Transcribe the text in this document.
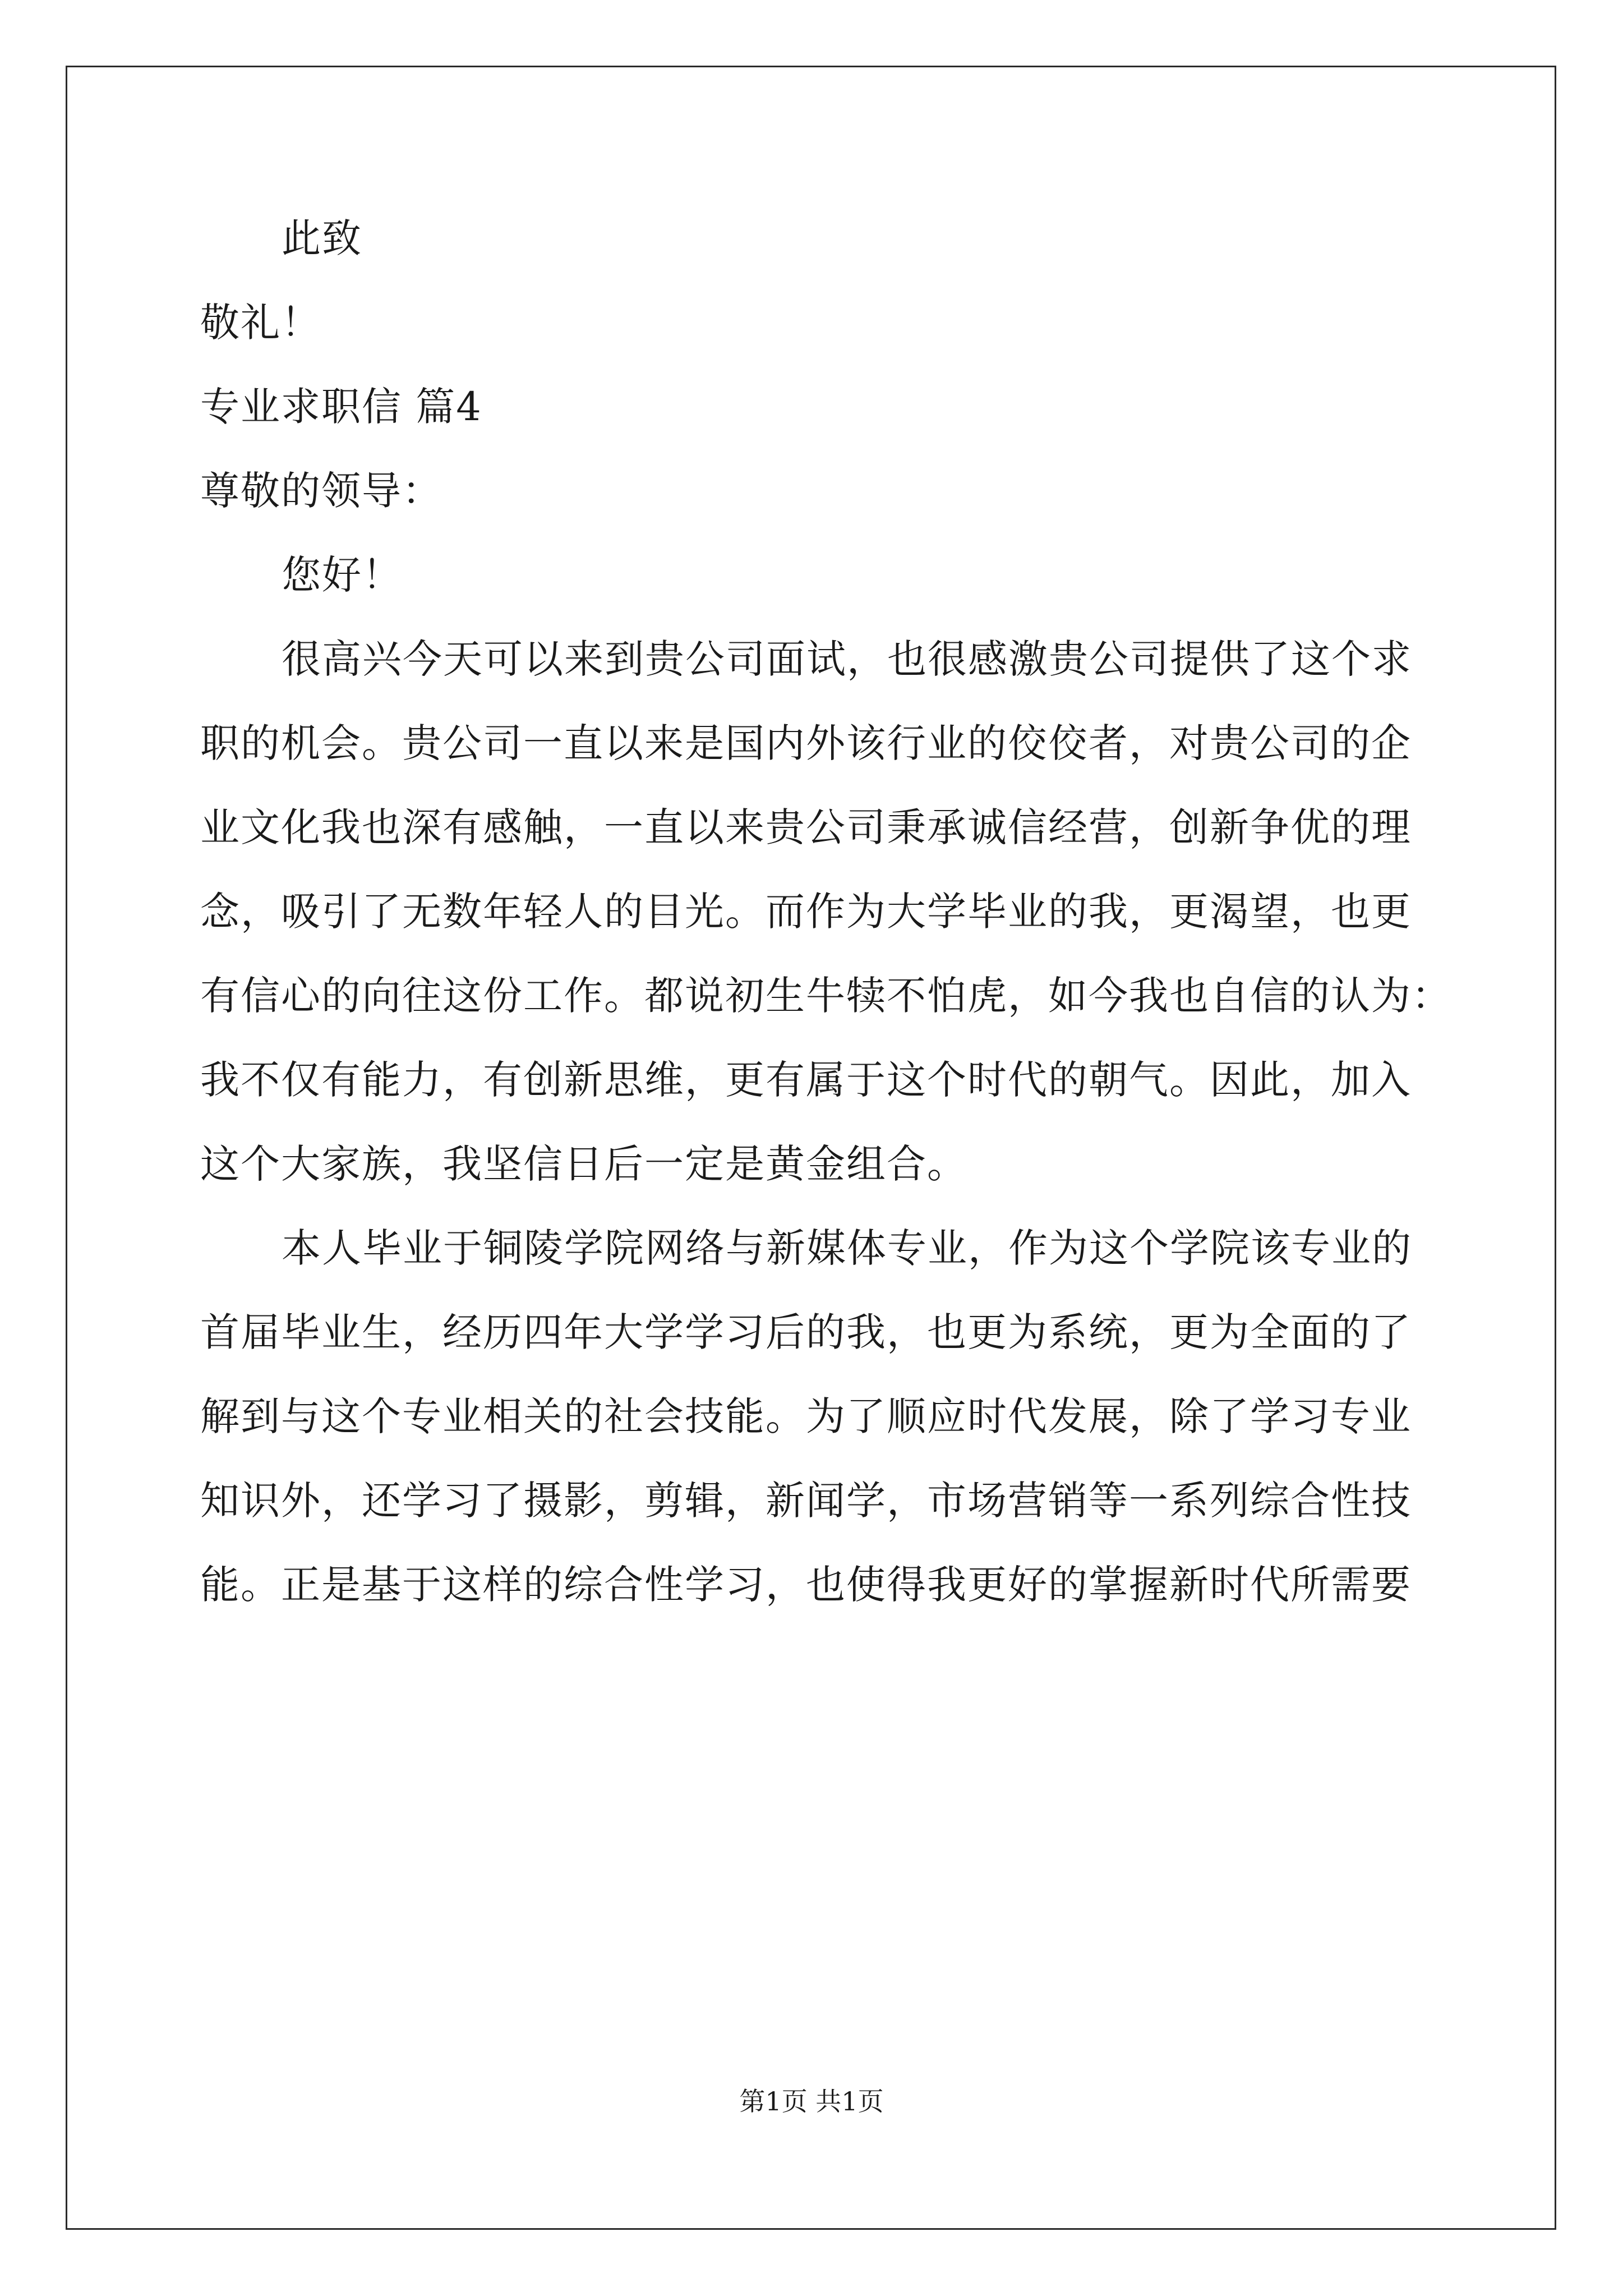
此致
敬礼！
专业求职信 篇4
尊敬的领导：
您好！
很高兴今天可以来到贵公司面试，也很感激贵公司提供了这个求
职的机会。贵公司一直以来是国内外该行业的佼佼者，对贵公司的企
业文化我也深有感触，一直以来贵公司秉承诚信经营，创新争优的理
念，吸引了无数年轻人的目光。而作为大学毕业的我，更渴望，也更
有信心的向往这份工作。都说初生牛犊不怕虎，如今我也自信的认为：
我不仅有能力，有创新思维，更有属于这个时代的朝气。因此，加入
这个大家族，我坚信日后一定是黄金组合。
本人毕业于铜陵学院网络与新媒体专业，作为这个学院该专业的
首届毕业生，经历四年大学学习后的我，也更为系统，更为全面的了
解到与这个专业相关的社会技能。为了顺应时代发展，除了学习专业
知识外，还学习了摄影，剪辑，新闻学，市场营销等一系列综合性技
能。正是基于这样的综合性学习，也使得我更好的掌握新时代所需要
第1页 共1页
